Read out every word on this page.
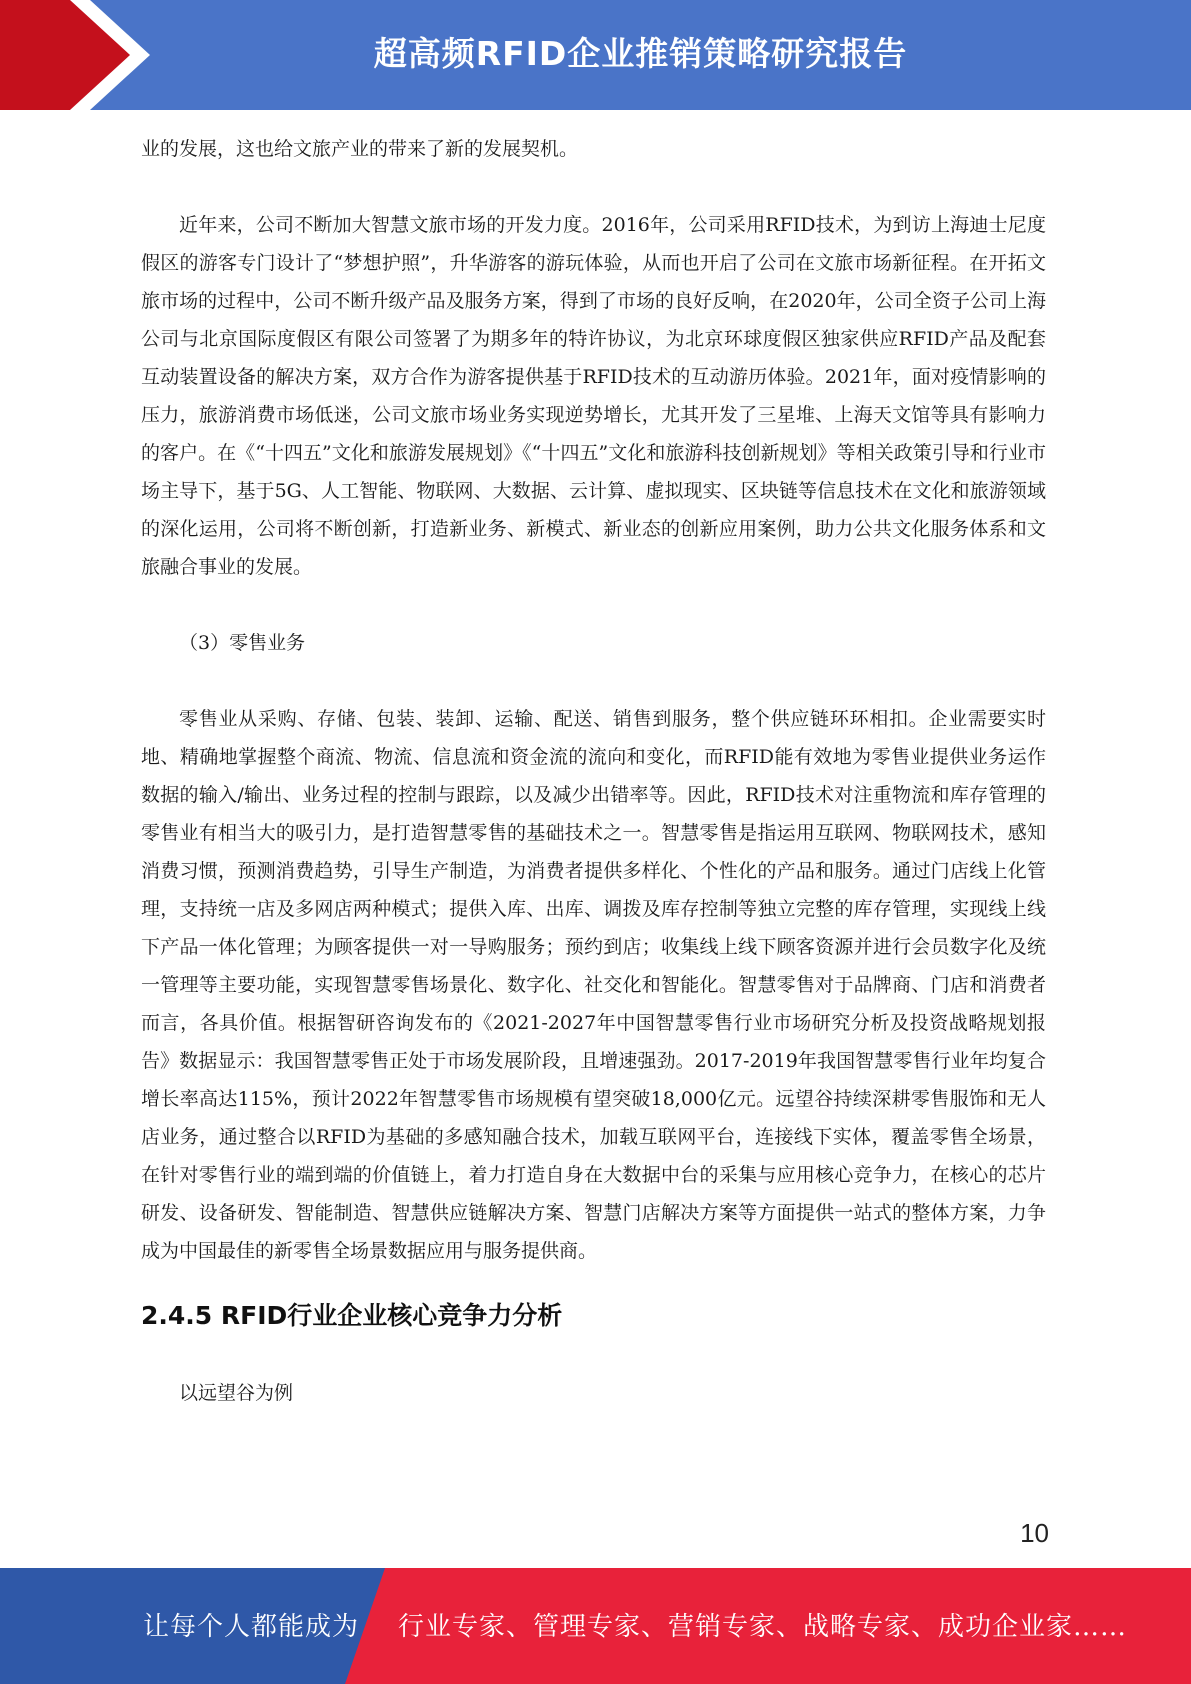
超高频RFID企业推销策略研究报告

业的发展，这也给文旅产业的带来了新的发展契机。

近年来，公司不断加大智慧文旅市场的开发力度。2016年，公司采用RFID技术，为到访上海迪士尼度假区的游客专门设计了“梦想护照”，升华游客的游玩体验，从而也开启了公司在文旅市场新征程。在开拓文旅市场的过程中，公司不断升级产品及服务方案，得到了市场的良好反响，在2020年，公司全资子公司上海公司与北京国际度假区有限公司签署了为期多年的特许协议，为北京环球度假区独家供应RFID产品及配套互动装置设备的解决方案，双方合作为游客提供基于RFID技术的互动游历体验。2021年，面对疫情影响的压力，旅游消费市场低迷，公司文旅市场业务实现逆势增长，尤其开发了三星堆、上海天文馆等具有影响力的客户。在《“十四五”文化和旅游发展规划》《“十四五”文化和旅游科技创新规划》等相关政策引导和行业市场主导下，基于5G、人工智能、物联网、大数据、云计算、虚拟现实、区块链等信息技术在文化和旅游领域的深化运用，公司将不断创新，打造新业务、新模式、新业态的创新应用案例，助力公共文化服务体系和文旅融合事业的发展。

（3）零售业务

零售业从采购、存储、包装、装卸、运输、配送、销售到服务，整个供应链环环相扣。企业需要实时地、精确地掌握整个商流、物流、信息流和资金流的流向和变化，而RFID能有效地为零售业提供业务运作数据的输入/输出、业务过程的控制与跟踪，以及减少出错率等。因此，RFID技术对注重物流和库存管理的零售业有相当大的吸引力，是打造智慧零售的基础技术之一。智慧零售是指运用互联网、物联网技术，感知消费习惯，预测消费趋势，引导生产制造，为消费者提供多样化、个性化的产品和服务。通过门店线上化管理，支持统一店及多网店两种模式；提供入库、出库、调拨及库存控制等独立完整的库存管理，实现线上线下产品一体化管理；为顾客提供一对一导购服务；预约到店；收集线上线下顾客资源并进行会员数字化及统一管理等主要功能，实现智慧零售场景化、数字化、社交化和智能化。智慧零售对于品牌商、门店和消费者而言，各具价值。根据智研咨询发布的《2021-2027年中国智慧零售行业市场研究分析及投资战略规划报告》数据显示：我国智慧零售正处于市场发展阶段，且增速强劲。2017-2019年我国智慧零售行业年均复合增长率高达115%，预计2022年智慧零售市场规模有望突破18,000亿元。远望谷持续深耕零售服饰和无人店业务，通过整合以RFID为基础的多感知融合技术，加载互联网平台，连接线下实体，覆盖零售全场景，在针对零售行业的端到端的价值链上，着力打造自身在大数据中台的采集与应用核心竞争力，在核心的芯片研发、设备研发、智能制造、智慧供应链解决方案、智慧门店解决方案等方面提供一站式的整体方案，力争成为中国最佳的新零售全场景数据应用与服务提供商。

2.4.5 RFID行业企业核心竞争力分析

以远望谷为例

10
让每个人都能成为 行业专家、管理专家、营销专家、战略专家、成功企业家……
